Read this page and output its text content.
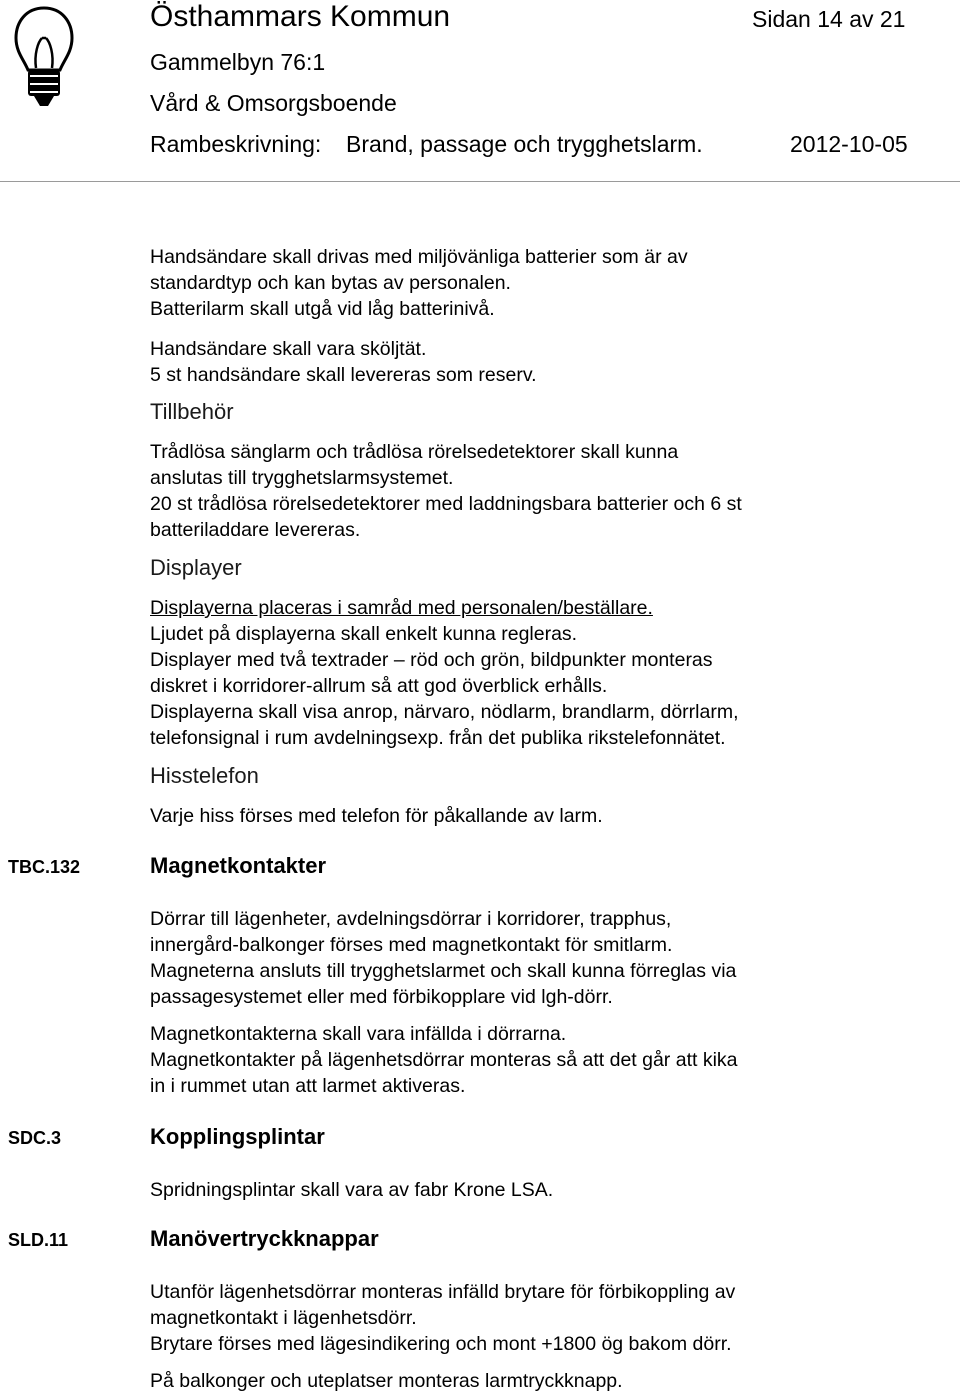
Östhammars Kommun	Sidan 14 av 21
Gammelbyn 76:1
Vård & Omsorgsboende
Rambeskrivning: Brand, passage och trygghetslarm.	2012-10-05
Handsändare skall drivas med miljövänliga batterier som är av
standardtyp och kan bytas av personalen.
Batterilarm skall utgå vid låg batterinivå.
Handsändare skall vara sköljtät.
5 st handsändare skall levereras som reserv.
Tillbehör
Trådlösa sänglarm och trådlösa rörelsedetektorer skall kunna
anslutas till trygghetslarmsystemet.
20 st trådlösa rörelsedetektorer med laddningsbara batterier och 6 st
batteriladdare levereras.
Displayer
Displayerna placeras i samråd med personalen/beställare.
Ljudet på displayerna skall enkelt kunna regleras.
Displayer med två textrader – röd och grön, bildpunkter monteras
diskret i korridorer-allrum så att god överblick erhålls.
Displayerna skall visa anrop, närvaro, nödlarm, brandlarm, dörrlarm,
telefonsignal i rum avdelningsexp. från det publika rikstelefonnätet.
Hisstelefon
Varje hiss förses med telefon för påkallande av larm.
TBC.132	Magnetkontakter
Dörrar till lägenheter, avdelningsdörrar i korridorer, trapphus,
innergård-balkonger förses med magnetkontakt för smitlarm.
Magneterna ansluts till trygghetslarmet och skall kunna förreglas via
passagesystemet eller med förbikopplare vid lgh-dörr.
Magnetkontakterna skall vara infällda i dörrarna.
Magnetkontakter på lägenhetsdörrar monteras så att det går att kika
in i rummet utan att larmet aktiveras.
SDC.3	Kopplingsplintar
Spridningsplintar skall vara av fabr Krone LSA.
SLD.11	Manövertryckknappar
Utanför lägenhetsdörrar monteras infälld brytare för förbikoppling av
magnetkontakt i lägenhetsdörr.
Brytare förses med lägesindikering och mont +1800 ög bakom dörr.
På balkonger och uteplatser monteras larmtryckknapp.
